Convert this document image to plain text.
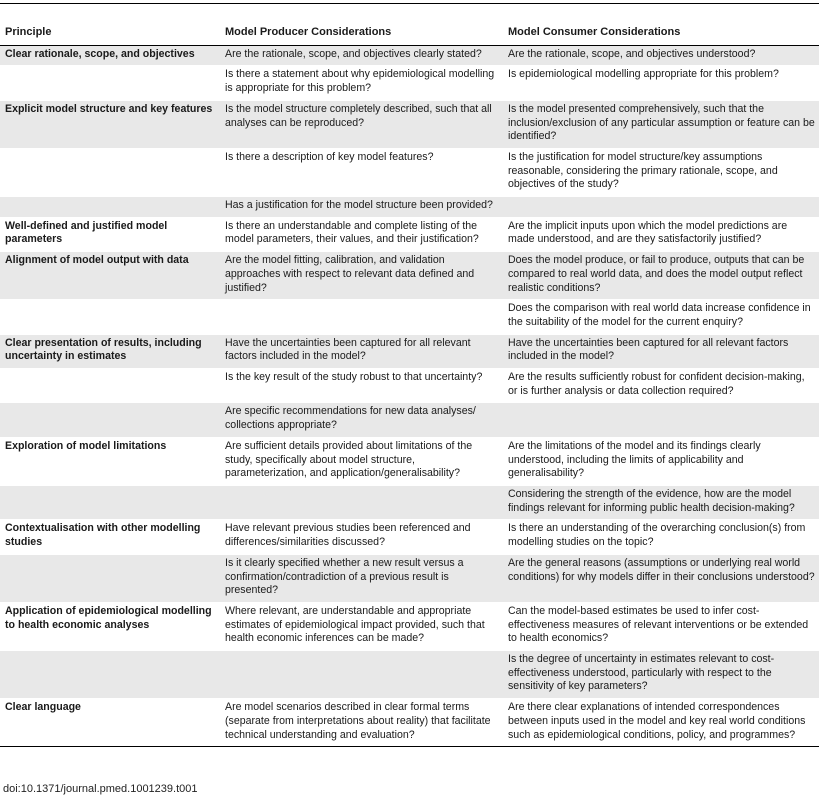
Principle	Model Producer Considerations	Model Consumer Considerations
Clear rationale, scope, and objectives	Are the rationale, scope, and objectives clearly stated?	Are the rationale, scope, and objectives understood?
	Is there a statement about why epidemiological modelling is appropriate for this problem?	Is epidemiological modelling appropriate for this problem?
Explicit model structure and key features	Is the model structure completely described, such that all analyses can be reproduced?	Is the model presented comprehensively, such that the inclusion/exclusion of any particular assumption or feature can be identified?
	Is there a description of key model features?	Is the justification for model structure/key assumptions reasonable, considering the primary rationale, scope, and objectives of the study?
	Has a justification for the model structure been provided?	
Well-defined and justified model parameters	Is there an understandable and complete listing of the model parameters, their values, and their justification?	Are the implicit inputs upon which the model predictions are made understood, and are they satisfactorily justified?
Alignment of model output with data	Are the model fitting, calibration, and validation approaches with respect to relevant data defined and justified?	Does the model produce, or fail to produce, outputs that can be compared to real world data, and does the model output reflect realistic conditions?
		Does the comparison with real world data increase confidence in the suitability of the model for the current enquiry?
Clear presentation of results, including uncertainty in estimates	Have the uncertainties been captured for all relevant factors included in the model?	Have the uncertainties been captured for all relevant factors included in the model?
	Is the key result of the study robust to that uncertainty?	Are the results sufficiently robust for confident decision-making, or is further analysis or data collection required?
	Are specific recommendations for new data analyses/ collections appropriate?	
Exploration of model limitations	Are sufficient details provided about limitations of the study, specifically about model structure, parameterization, and application/generalisability?	Are the limitations of the model and its findings clearly understood, including the limits of applicability and generalisability?
		Considering the strength of the evidence, how are the model findings relevant for informing public health decision-making?
Contextualisation with other modelling studies	Have relevant previous studies been referenced and differences/similarities discussed?	Is there an understanding of the overarching conclusion(s) from modelling studies on the topic?
	Is it clearly specified whether a new result versus a confirmation/contradiction of a previous result is presented?	Are the general reasons (assumptions or underlying real world conditions) for why models differ in their conclusions understood?
Application of epidemiological modelling to health economic analyses	Where relevant, are understandable and appropriate estimates of epidemiological impact provided, such that health economic inferences can be made?	Can the model-based estimates be used to infer cost-effectiveness measures of relevant interventions or be extended to health economics?
		Is the degree of uncertainty in estimates relevant to cost-effectiveness understood, particularly with respect to the sensitivity of key parameters?
Clear language	Are model scenarios described in clear formal terms (separate from interpretations about reality) that facilitate technical understanding and evaluation?	Are there clear explanations of intended correspondences between inputs used in the model and key real world conditions such as epidemiological conditions, policy, and programmes?
doi:10.1371/journal.pmed.1001239.t001
